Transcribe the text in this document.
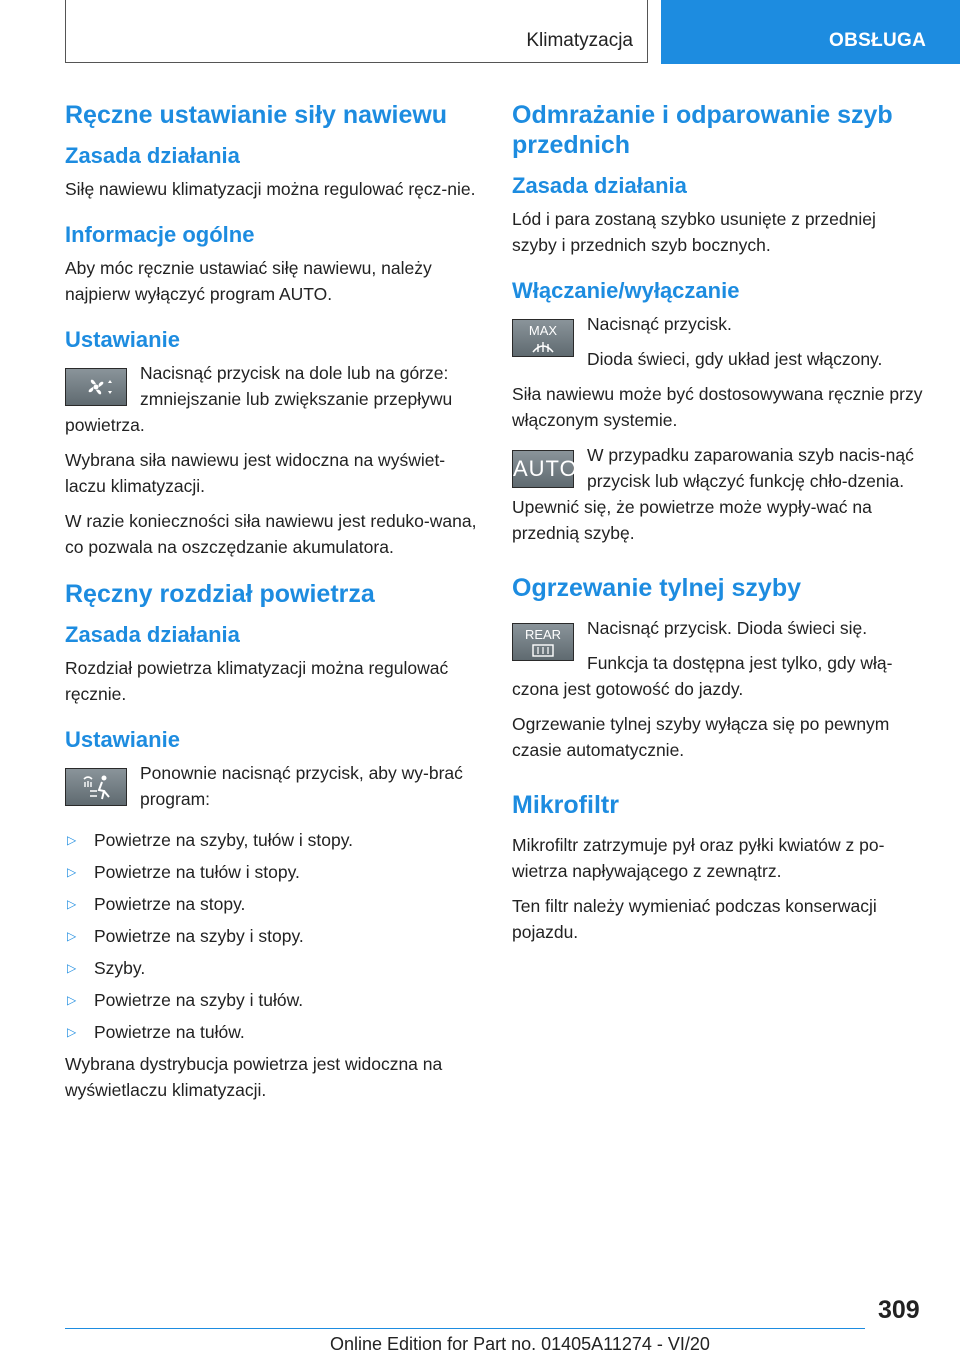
Klimatyzacja	OBSŁUGA
Ręczne ustawianie siły nawiewu
Zasada działania

Siłę nawiewu klimatyzacji można regulować ręcz-nie.

Informacje ogólne

Aby móc ręcznie ustawiać siłę nawiewu, należy najpierw wyłączyć program AUTO.

Ustawianie

Nacisnąć przycisk na dole lub na górze: zmniejszanie lub zwiększanie przepływu powietrza.

Wybrana siła nawiewu jest widoczna na wyświet-laczu klimatyzacji.

W razie konieczności siła nawiewu jest reduko-wana, co pozwala na oszczędzanie akumulatora.

Ręczny rozdział powietrza
Zasada działania

Rozdział powietrza klimatyzacji można regulować ręcznie.

Ustawianie

Ponownie nacisnąć przycisk, aby wy-brać program:

▷ Powietrze na szyby, tułów i stopy.
▷ Powietrze na tułów i stopy.
▷ Powietrze na stopy.
▷ Powietrze na szyby i stopy.
▷ Szyby.
▷ Powietrze na szyby i tułów.
▷ Powietrze na tułów.

Wybrana dystrybucja powietrza jest widoczna na wyświetlaczu klimatyzacji.

Odmrażanie i odparowanie szyb przednich
Zasada działania

Lód i para zostaną szybko usunięte z przedniej szyby i przednich szyb bocznych.

Włączanie/wyłączanie
MAX	Nacisnąć przycisk.

Dioda świeci, gdy układ jest włączony.

Siła nawiewu może być dostosowywana ręcznie przy włączonym systemie.

AUTO

W przypadku zaparowania szyb nacis-nąć przycisk lub włączyć funkcję chło-dzenia. Upewnić się, że powietrze może wypły-wać na przednią szybę.

Ogrzewanie tylnej szyby
REAR	Nacisnąć przycisk. Dioda świeci się.

Funkcja ta dostępna jest tylko, gdy włą-czona jest gotowość do jazdy.

Ogrzewanie tylnej szyby wyłącza się po pewnym czasie automatycznie.

Mikrofiltr

Mikrofiltr zatrzymuje pył oraz pyłki kwiatów z po-wietrza napływającego z zewnątrz.

Ten filtr należy wymieniać podczas konserwacji pojazdu.

309
Online Edition for Part no. 01405A11274 - VI/20
